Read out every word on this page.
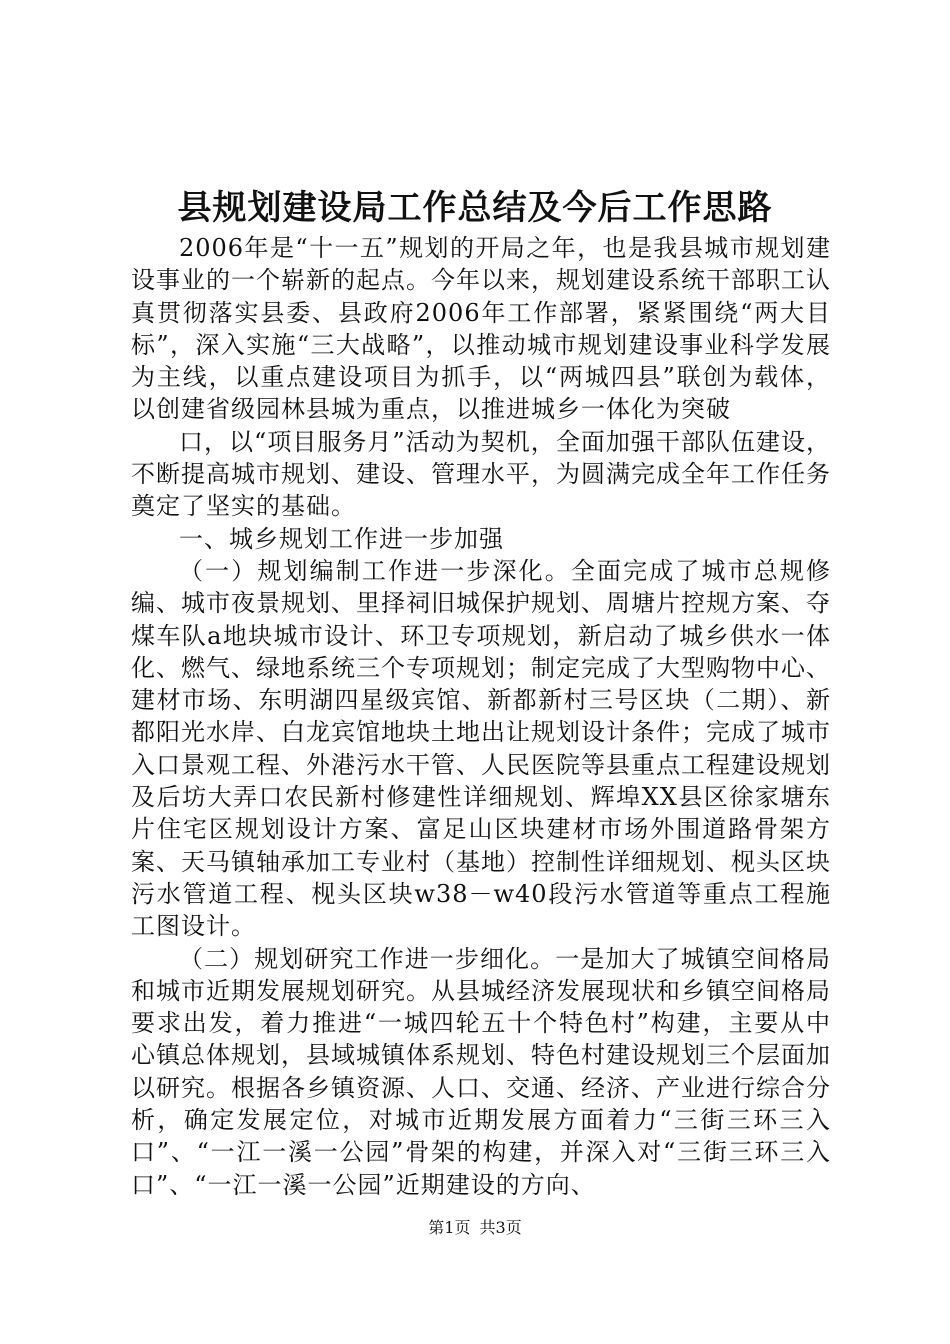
县规划建设局工作总结及今后工作思路

2006年是“十一五”规划的开局之年，也是我县城市规划建设事业的一个崭新的起点。今年以来，规划建设系统干部职工认真贯彻落实县委、县政府2006年工作部署，紧紧围绕“两大目标”，深入实施“三大战略”，以推动城市规划建设事业科学发展为主线，以重点建设项目为抓手，以“两城四县”联创为载体，以创建省级园林县城为重点，以推进城乡一体化为突破

口，以“项目服务月”活动为契机，全面加强干部队伍建设，不断提高城市规划、建设、管理水平，为圆满完成全年工作任务奠定了坚实的基础。

一、城乡规划工作进一步加强

（一）规划编制工作进一步深化。全面完成了城市总规修编、城市夜景规划、里择祠旧城保护规划、周塘片控规方案、夺煤车队a地块城市设计、环卫专项规划，新启动了城乡供水一体化、燃气、绿地系统三个专项规划；制定完成了大型购物中心、建材市场、东明湖四星级宾馆、新都新村三号区块（二期）、新都阳光水岸、白龙宾馆地块土地出让规划设计条件；完成了城市入口景观工程、外港污水干管、人民医院等县重点工程建设规划及后坊大弄口农民新村修建性详细规划、辉埠XX县区徐家塘东片住宅区规划设计方案、富足山区块建材市场外围道路骨架方案、天马镇轴承加工专业村（基地）控制性详细规划、枧头区块污水管道工程、枧头区块w38－w40段污水管道等重点工程施工图设计。

（二）规划研究工作进一步细化。一是加大了城镇空间格局和城市近期发展规划研究。从县城经济发展现状和乡镇空间格局要求出发，着力推进“一城四轮五十个特色村”构建，主要从中心镇总体规划，县域城镇体系规划、特色村建设规划三个层面加以研究。根据各乡镇资源、人口、交通、经济、产业进行综合分析，确定发展定位，对城市近期发展方面着力“三街三环三入口”、“一江一溪一公园”骨架的构建，并深入对“三街三环三入口”、“一江一溪一公园”近期建设的方向、

第1页 共3页
